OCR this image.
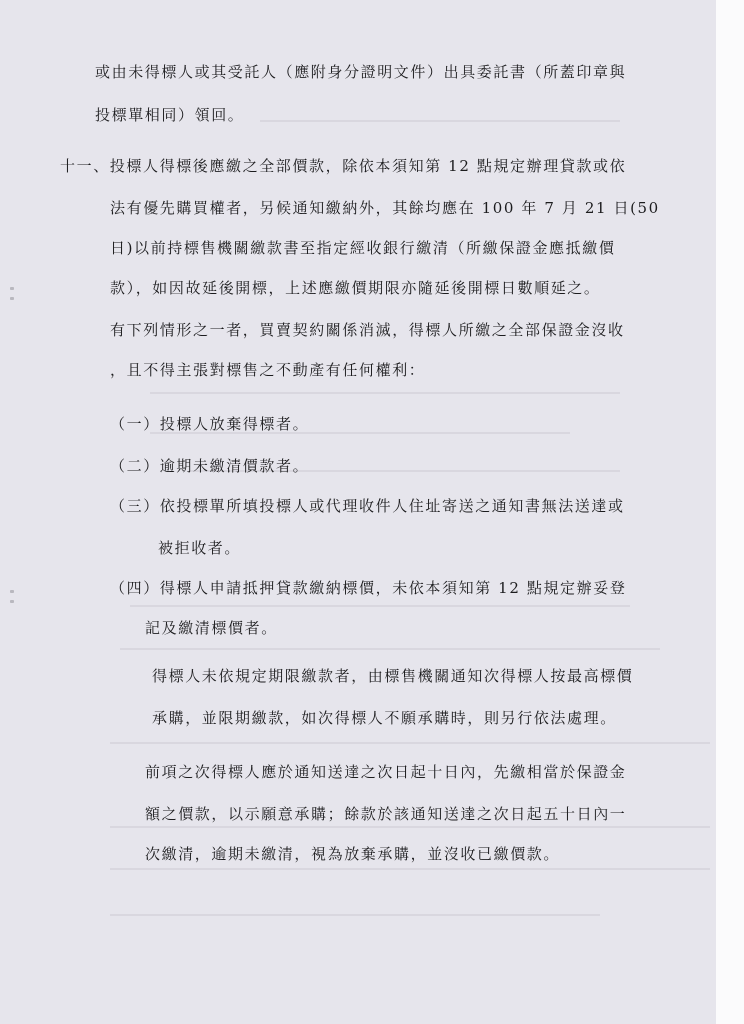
或由未得標人或其受託人（應附身分證明文件）出具委託書（所蓋印章與
投標單相同）領回。
十一、投標人得標後應繳之全部價款，除依本須知第 12 點規定辦理貸款或依
法有優先購買權者，另候通知繳納外，其餘均應在 100 年 7 月 21 日(50
日)以前持標售機關繳款書至指定經收銀行繳清（所繳保證金應抵繳價
款），如因故延後開標，上述應繳價期限亦隨延後開標日數順延之。
有下列情形之一者，買賣契約關係消滅，得標人所繳之全部保證金沒收
，且不得主張對標售之不動產有任何權利：
（一）投標人放棄得標者。
（二）逾期未繳清價款者。
（三）依投標單所填投標人或代理收件人住址寄送之通知書無法送達或
被拒收者。
（四）得標人申請抵押貸款繳納標價，未依本須知第 12 點規定辦妥登
記及繳清標價者。
得標人未依規定期限繳款者，由標售機關通知次得標人按最高標價
承購，並限期繳款，如次得標人不願承購時，則另行依法處理。
前項之次得標人應於通知送達之次日起十日內，先繳相當於保證金
額之價款，以示願意承購；餘款於該通知送達之次日起五十日內一
次繳清，逾期未繳清，視為放棄承購，並沒收已繳價款。
